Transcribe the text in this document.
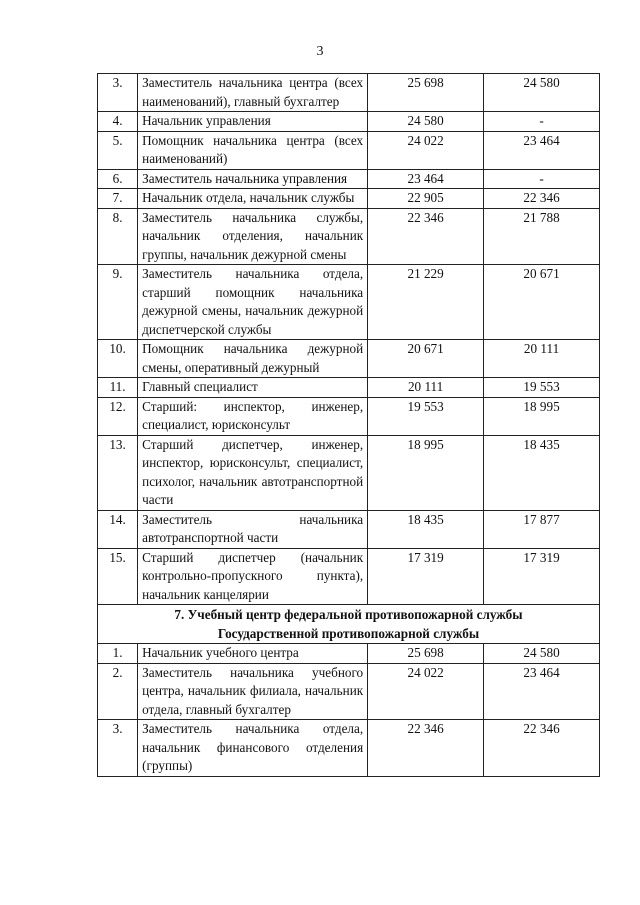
3
3.	Заместитель начальника центра (всех наименований), главный бухгалтер	25 698	24 580
4.	Начальник управления	24 580	-
5.	Помощник начальника центра (всех наименований)	24 022	23 464
6.	Заместитель начальника управления	23 464	-
7.	Начальник отдела, начальник службы	22 905	22 346
8.	Заместитель начальника службы, начальник отделения, начальник группы, начальник дежурной смены	22 346	21 788
9.	Заместитель начальника отдела, старший помощник начальника дежурной смены, начальник дежурной диспетчерской службы	21 229	20 671
10.	Помощник начальника дежурной смены, оперативный дежурный	20 671	20 111
11.	Главный специалист	20 111	19 553
12.	Старший: инспектор, инженер, специалист, юрисконсульт	19 553	18 995
13.	Старший диспетчер, инженер, инспектор, юрисконсульт, специалист, психолог, начальник автотранспортной части	18 995	18 435
14.	Заместитель начальника автотранспортной части	18 435	17 877
15.	Старший диспетчер (начальник контрольно-пропускного пункта), начальник канцелярии	17 319	17 319

7. Учебный центр федеральной противопожарной службы
Государственной противопожарной службы			

1.	Начальник учебного центра	25 698	24 580
2.	Заместитель начальника учебного центра, начальник филиала, начальник отдела, главный бухгалтер	24 022	23 464
3.	Заместитель начальника отдела, начальник финансового отделения (группы)	22 346	22 346
